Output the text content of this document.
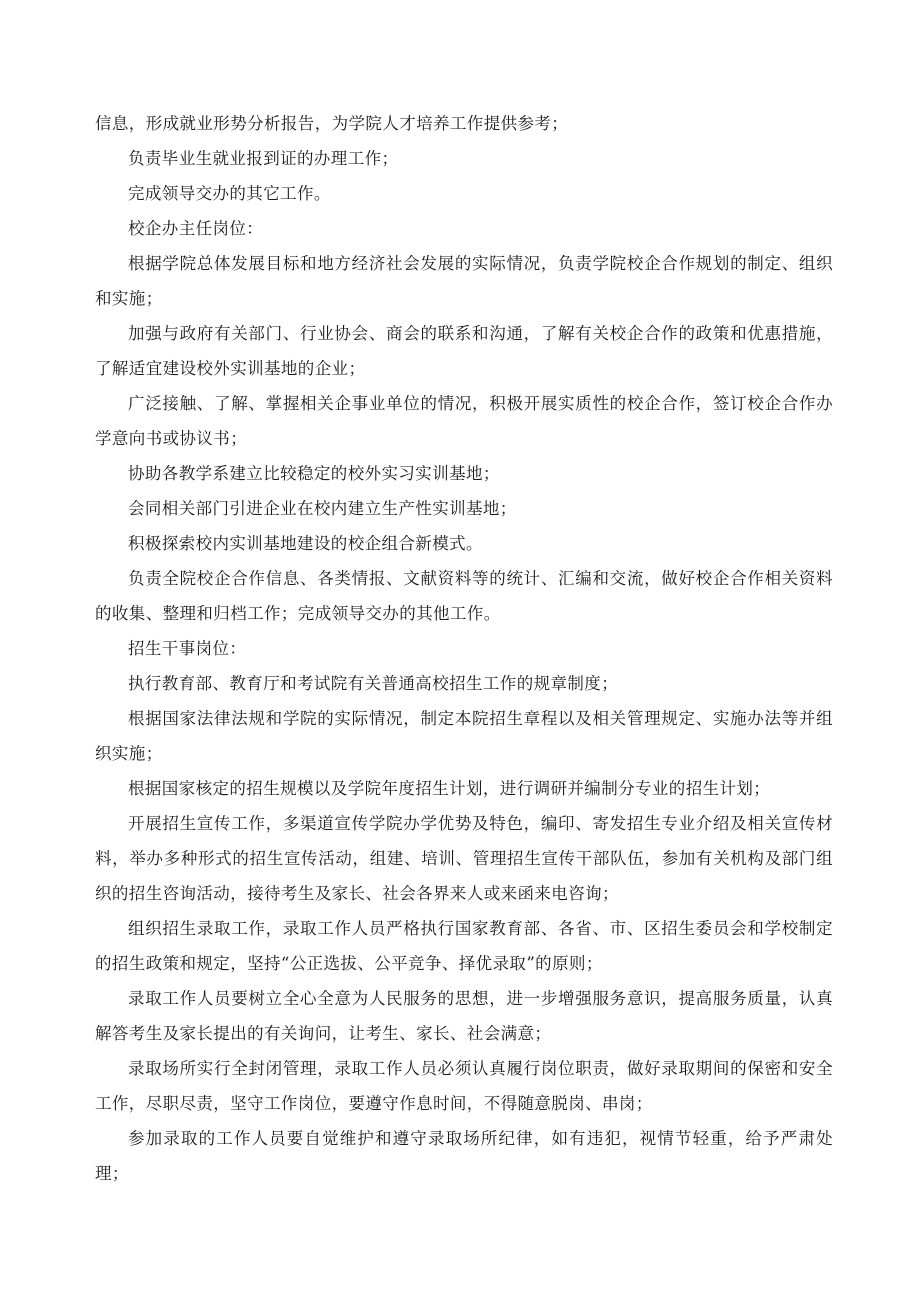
信息，形成就业形势分析报告，为学院人才培养工作提供参考；

负责毕业生就业报到证的办理工作；

完成领导交办的其它工作。

校企办主任岗位：

根据学院总体发展目标和地方经济社会发展的实际情况，负责学院校企合作规划的制定、组织和实施；

加强与政府有关部门、行业协会、商会的联系和沟通，了解有关校企合作的政策和优惠措施，了解适宜建设校外实训基地的企业；

广泛接触、了解、掌握相关企事业单位的情况，积极开展实质性的校企合作，签订校企合作办学意向书或协议书；

协助各教学系建立比较稳定的校外实习实训基地；

会同相关部门引进企业在校内建立生产性实训基地；

积极探索校内实训基地建设的校企组合新模式。

负责全院校企合作信息、各类情报、文献资料等的统计、汇编和交流，做好校企合作相关资料的收集、整理和归档工作；完成领导交办的其他工作。

招生干事岗位：

执行教育部、教育厅和考试院有关普通高校招生工作的规章制度；

根据国家法律法规和学院的实际情况，制定本院招生章程以及相关管理规定、实施办法等并组织实施；

根据国家核定的招生规模以及学院年度招生计划，进行调研并编制分专业的招生计划；

开展招生宣传工作，多渠道宣传学院办学优势及特色，编印、寄发招生专业介绍及相关宣传材料，举办多种形式的招生宣传活动，组建、培训、管理招生宣传干部队伍，参加有关机构及部门组织的招生咨询活动，接待考生及家长、社会各界来人或来函来电咨询；

组织招生录取工作，录取工作人员严格执行国家教育部、各省、市、区招生委员会和学校制定的招生政策和规定，坚持“公正选拔、公平竞争、择优录取”的原则；

录取工作人员要树立全心全意为人民服务的思想，进一步增强服务意识，提高服务质量，认真解答考生及家长提出的有关询问，让考生、家长、社会满意；

录取场所实行全封闭管理，录取工作人员必须认真履行岗位职责，做好录取期间的保密和安全工作，尽职尽责，坚守工作岗位，要遵守作息时间，不得随意脱岗、串岗；

参加录取的工作人员要自觉维护和遵守录取场所纪律，如有违犯，视情节轻重，给予严肃处理；
